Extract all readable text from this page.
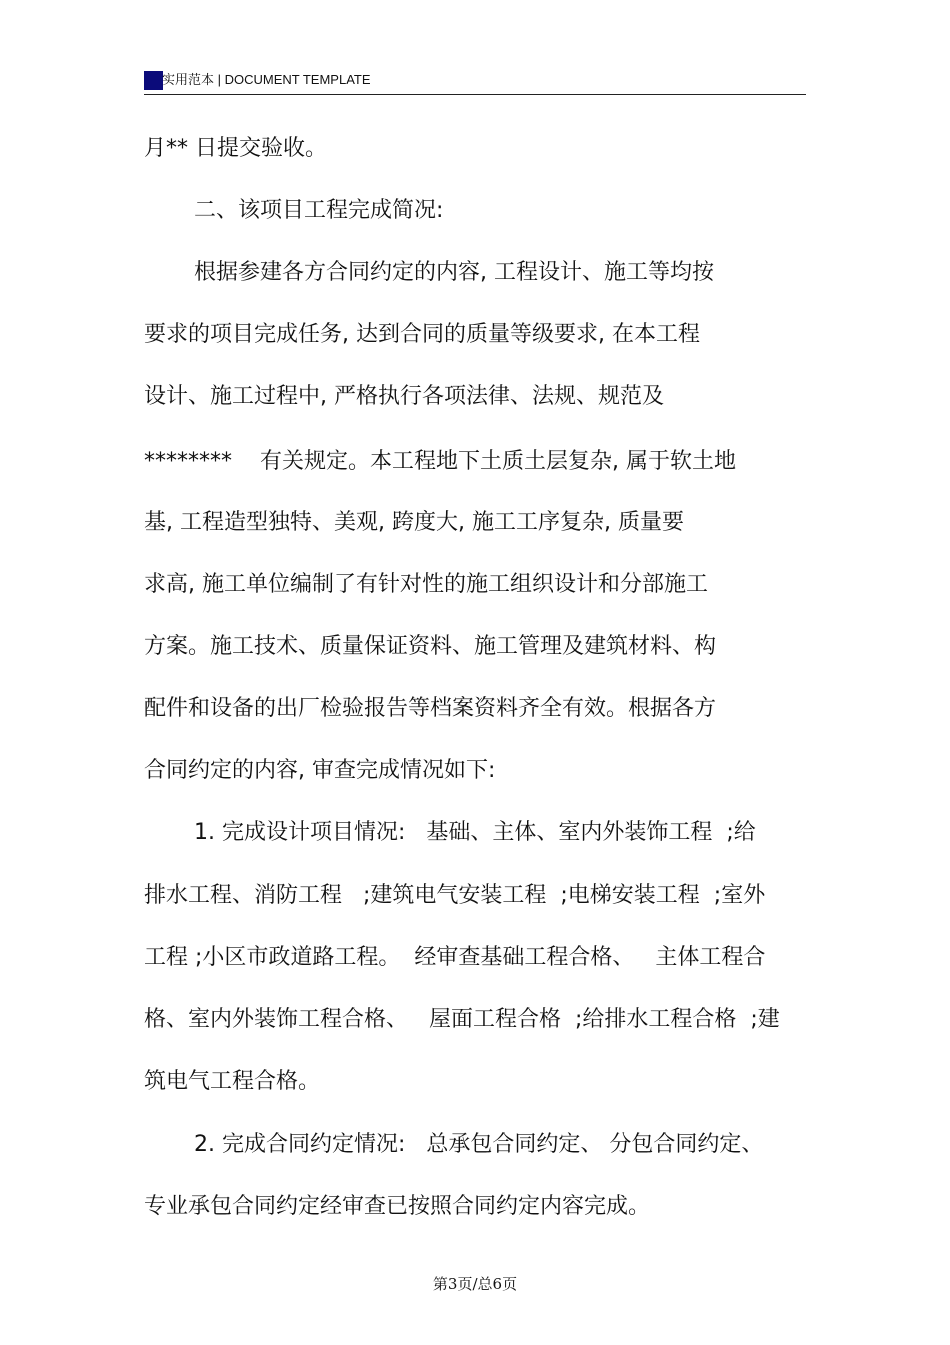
实用范本 | DOCUMENT TEMPLATE
月** 日提交验收。
二、该项目工程完成简况:
根据参建各方合同约定的内容, 工程设计、施工等均按
要求的项目完成任务, 达到合同的质量等级要求, 在本工程
设计、施工过程中, 严格执行各项法律、法规、规范及
********    有关规定。本工程地下土质土层复杂, 属于软土地
基, 工程造型独特、美观, 跨度大, 施工工序复杂, 质量要
求高, 施工单位编制了有针对性的施工组织设计和分部施工
方案。施工技术、质量保证资料、施工管理及建筑材料、构
配件和设备的出厂检验报告等档案资料齐全有效。根据各方
合同约定的内容, 审查完成情况如下:
1. 完成设计项目情况:   基础、主体、室内外装饰工程  ;给
排水工程、消防工程   ;建筑电气安装工程  ;电梯安装工程  ;室外
工程 ;小区市政道路工程。  经审查基础工程合格、   主体工程合
格、室内外装饰工程合格、   屋面工程合格  ;给排水工程合格  ;建
筑电气工程合格。
2. 完成合同约定情况:   总承包合同约定、 分包合同约定、
专业承包合同约定经审查已按照合同约定内容完成。
第3页/总6页
